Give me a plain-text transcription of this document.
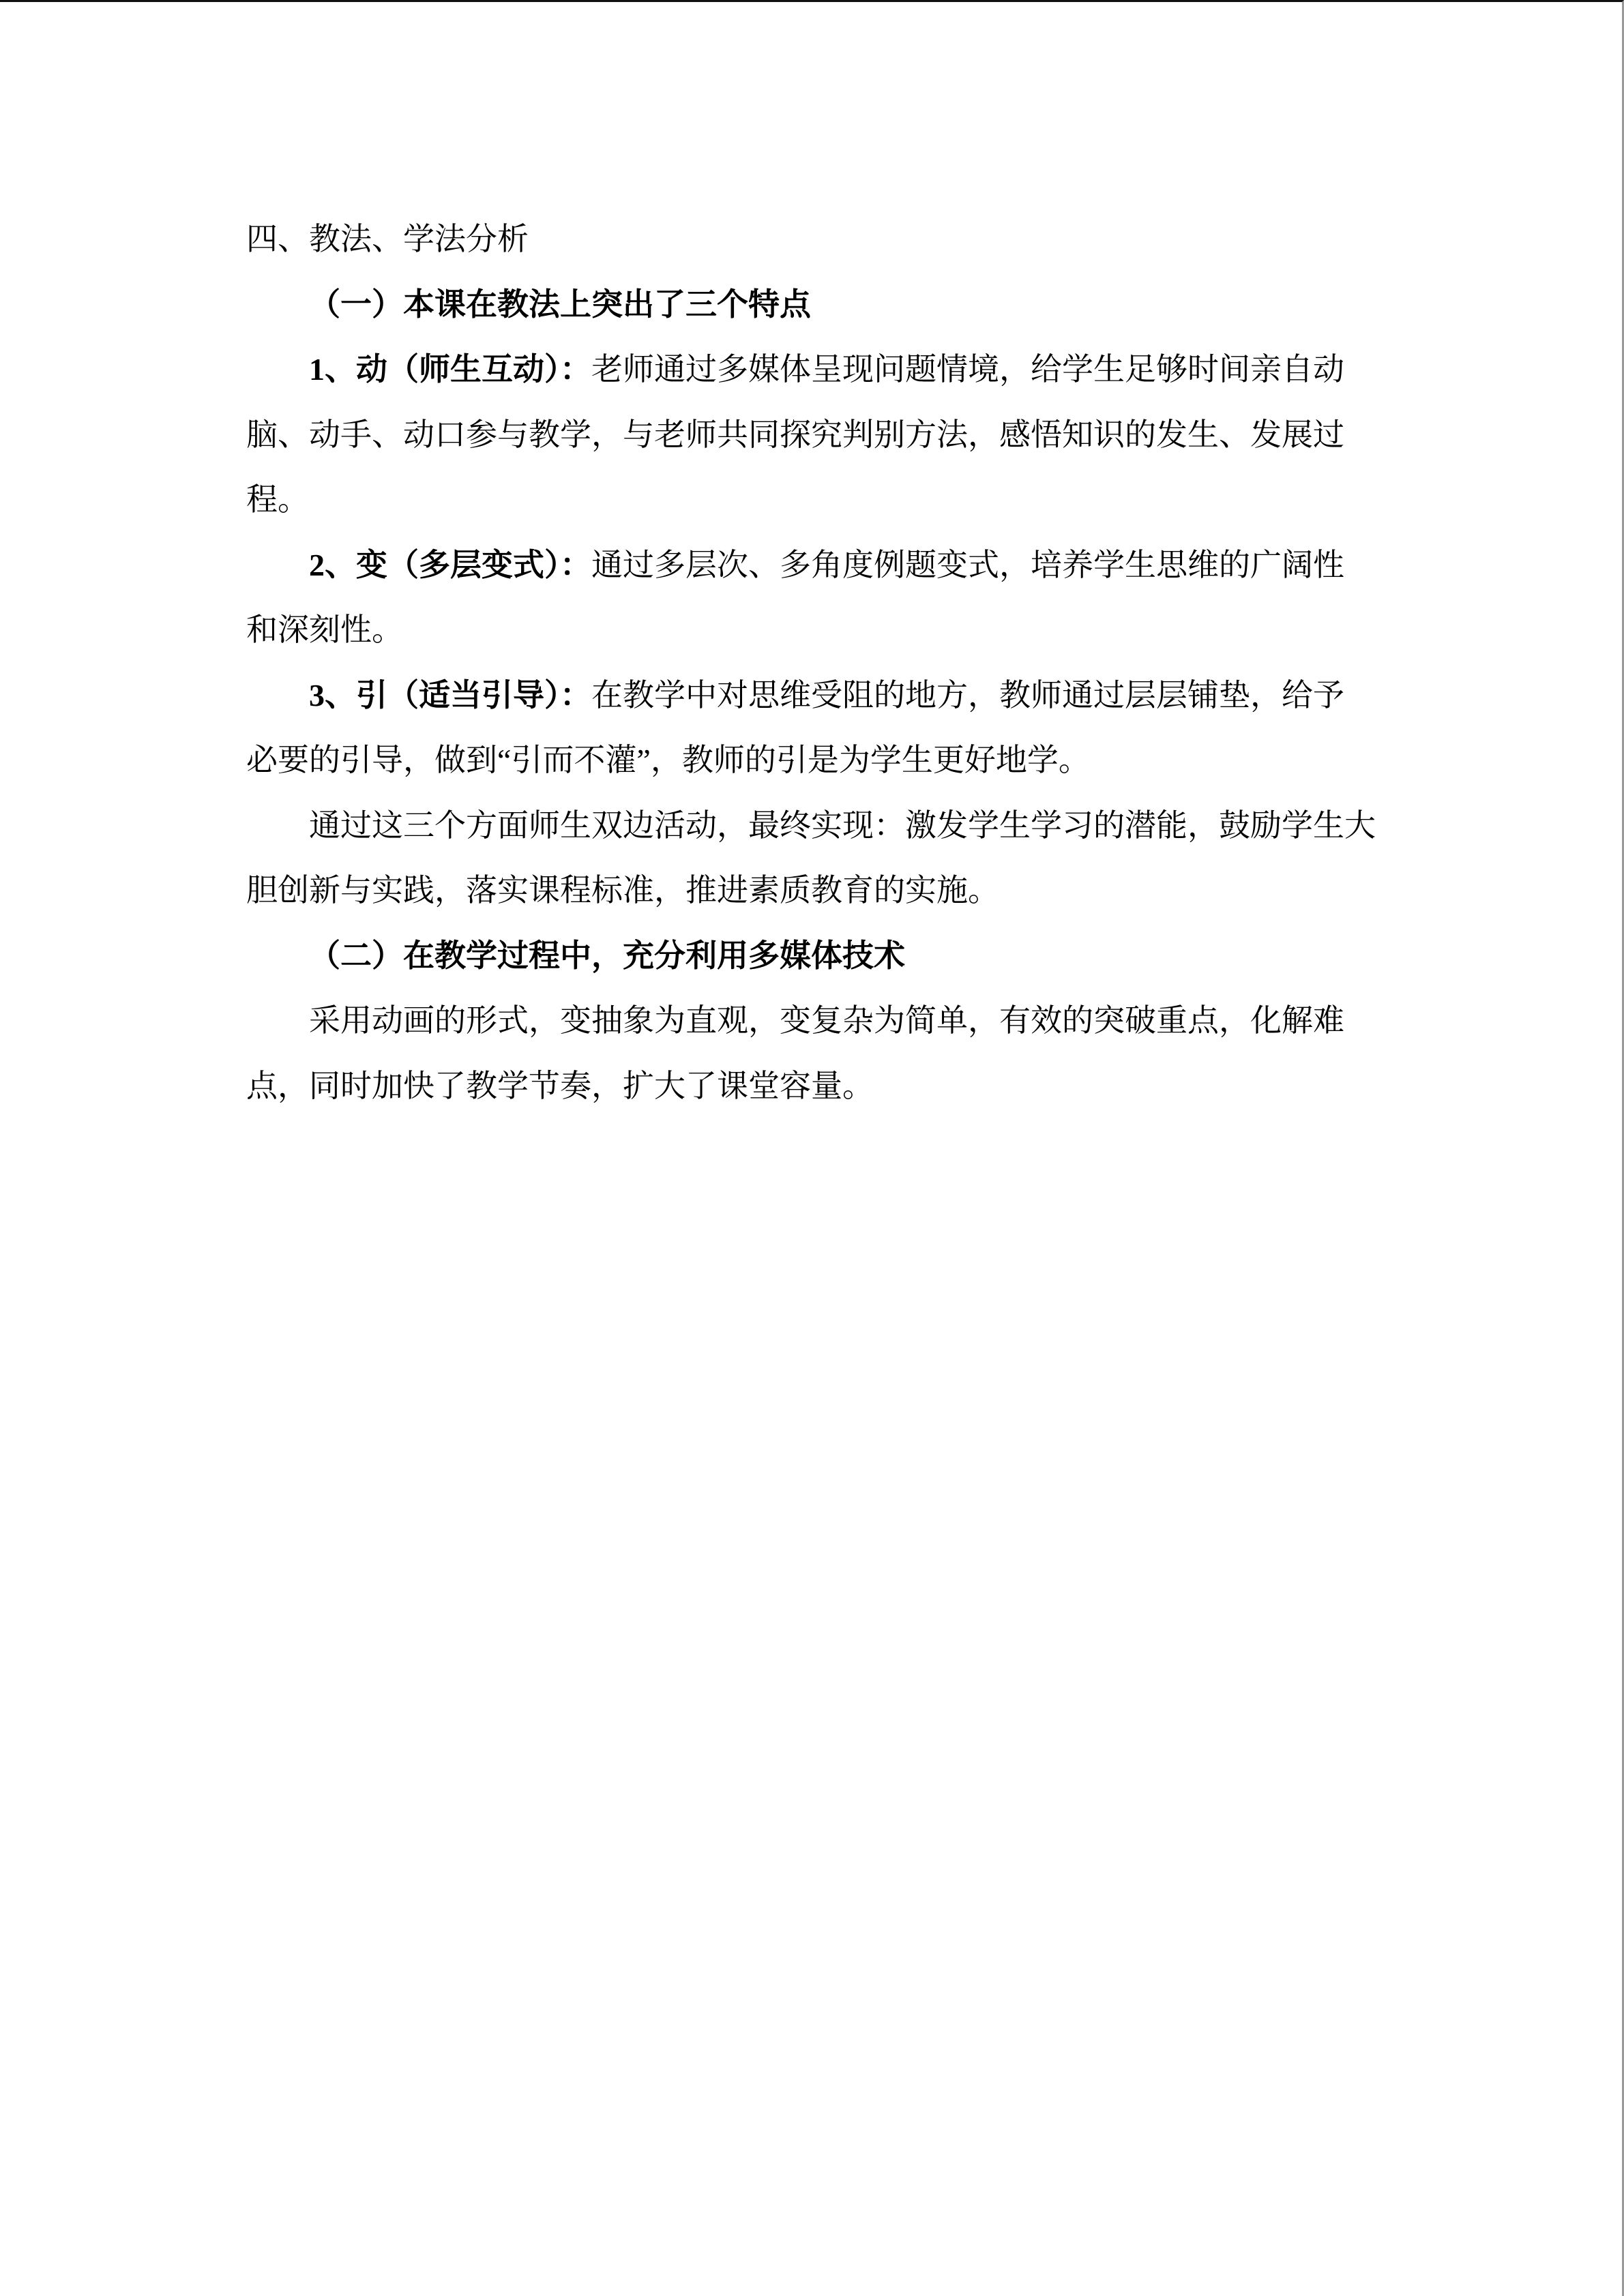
四、教法、学法分析
（一）本课在教法上突出了三个特点
1、动（师生互动）：老师通过多媒体呈现问题情境，给学生足够时间亲自动
脑、动手、动口参与教学，与老师共同探究判别方法，感悟知识的发生、发展过
程。
2、变（多层变式）：通过多层次、多角度例题变式，培养学生思维的广阔性
和深刻性。
3、引（适当引导）：在教学中对思维受阻的地方，教师通过层层铺垫，给予
必要的引导，做到“引而不灌”，教师的引是为学生更好地学。
通过这三个方面师生双边活动，最终实现：激发学生学习的潜能，鼓励学生大
胆创新与实践，落实课程标准，推进素质教育的实施。
（二）在教学过程中，充分利用多媒体技术
采用动画的形式，变抽象为直观，变复杂为简单，有效的突破重点，化解难
点，同时加快了教学节奏，扩大了课堂容量。
